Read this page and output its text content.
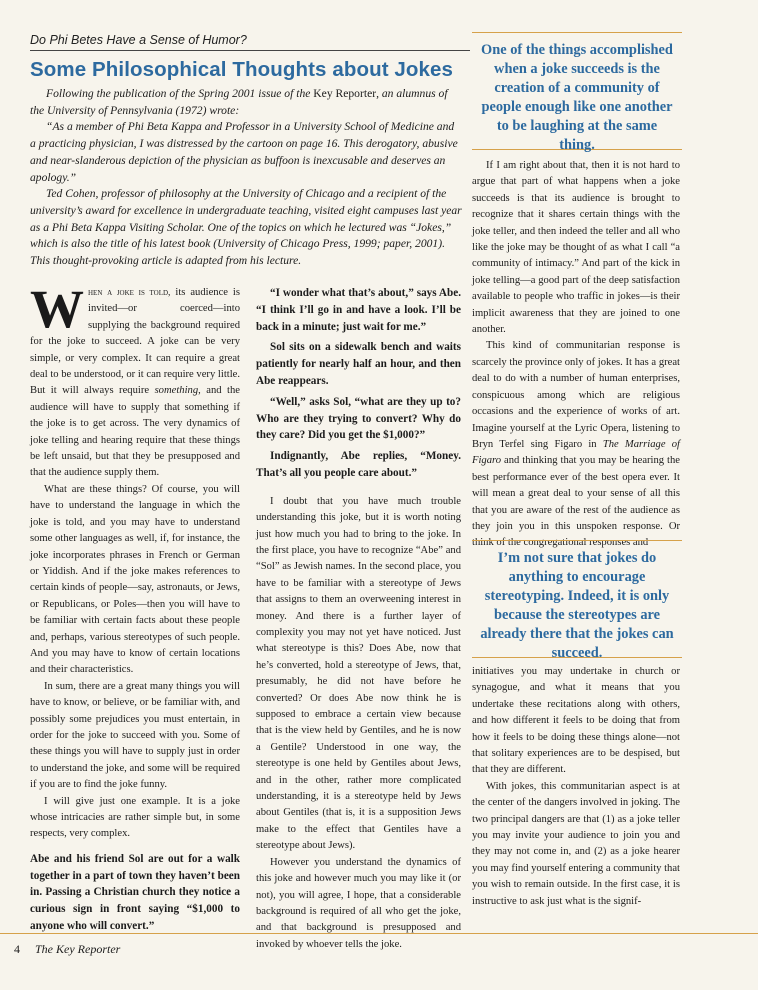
Do Phi Betes Have a Sense of Humor?
Some Philosophical Thoughts about Jokes

Following the publication of the Spring 2001 issue of the Key Reporter, an alumnus of the University of Pennsylvania (1972) wrote:

“As a member of Phi Beta Kappa and Professor in a University School of Medicine and a practicing physician, I was distressed by the cartoon on page 16. This derogatory, abusive and near-slanderous depiction of the physician as buffoon is inexcusable and deserves an apology.”

Ted Cohen, professor of philosophy at the University of Chicago and a recipient of the university’s award for excellence in undergraduate teaching, visited eight campuses last year as a Phi Beta Kappa Visiting Scholar. One of the topics on which he lectured was “Jokes,” which is also the title of his latest book (University of Chicago Press, 1999; paper, 2001). This thought-provoking article is adapted from his lecture.

When a joke is told, its audience is invited—or coerced—into supplying the background required for the joke to succeed. A joke can be very simple, or very complex. It can require a great deal to be understood, or it can require very little. But it will always require something, and the audience will have to supply that something if the joke is to get across. The very dynamics of joke telling and hearing require that these things be left unsaid, but that they be presupposed and that the audience supply them.

What are these things? Of course, you will have to understand the language in which the joke is told, and you may have to understand some other languages as well, if, for instance, the joke incorporates phrases in French or German or Yiddish. And if the joke makes references to certain kinds of people—say, astronauts, or Jews, or Republicans, or Poles—then you will have to be familiar with certain facts about these people and, perhaps, various stereotypes of such people. And you may have to know of certain locations and their characteristics.

In sum, there are a great many things you will have to know, or believe, or be familiar with, and possibly some prejudices you must entertain, in order for the joke to succeed with you. Some of these things you will have to supply just in order to understand the joke, and some will be required if you are to find the joke funny.

I will give just one example. It is a joke whose intricacies are rather simple but, in some respects, very complex.

Abe and his friend Sol are out for a walk together in a part of town they haven’t been in. Passing a Christian church they notice a curious sign in front saying “$1,000 to anyone who will convert.”

“I wonder what that’s about,” says Abe. “I think I’ll go in and have a look. I’ll be back in a minute; just wait for me.”

Sol sits on a sidewalk bench and waits patiently for nearly half an hour, and then Abe reappears.

“Well,” asks Sol, “what are they up to? Who are they trying to convert? Why do they care? Did you get the $1,000?”

Indignantly, Abe replies, “Money. That’s all you people care about.”

I doubt that you have much trouble understanding this joke, but it is worth noting just how much you had to bring to the joke. In the first place, you have to recognize “Abe” and “Sol” as Jewish names. In the second place, you have to be familiar with a stereotype of Jews that assigns to them an overweening interest in money. And there is a further layer of complexity you may not yet have noticed. Just what stereotype is this? Does Abe, now that he’s converted, hold a stereotype of Jews, that, presumably, he did not have before he converted? Or does Abe now think he is supposed to embrace a certain view because that is the view held by Gentiles, and he is now a Gentile? Understood in one way, the stereotype is one held by Gentiles about Jews, and in the other, rather more complicated understanding, it is a stereotype held by Jews about Gentiles (that is, it is a supposition Jews make to the effect that Gentiles have a stereotype about Jews).

However you understand the dynamics of this joke and however much you may like it (or not), you will agree, I hope, that a considerable background is required of all who get the joke, and that background is presupposed and invoked by whoever tells the joke.

One of the things accomplished when a joke succeeds is the creation of a community of people enough like one another to be laughing at the same thing.

If I am right about that, then it is not hard to argue that part of what happens when a joke succeeds is that its audience is brought to recognize that it shares certain things with the joke teller, and then indeed the teller and all who like the joke may be thought of as what I call “a community of intimacy.” And part of the kick in joke telling—a good part of the deep satisfaction available to people who traffic in jokes—is their implicit awareness that they are joined to one another.

This kind of communitarian response is scarcely the province only of jokes. It has a great deal to do with a number of human enterprises, conspicuous among which are religious occasions and the experience of works of art. Imagine yourself at the Lyric Opera, listening to Bryn Terfel sing Figaro in The Marriage of Figaro and thinking that you may be hearing the best performance ever of the best opera ever. It will mean a great deal to your sense of all this that you are aware of the rest of the audience as they join you in this unspoken response. Or think of the congregational responses and

I’m not sure that jokes do anything to encourage stereotyping. Indeed, it is only because the stereotypes are already there that the jokes can succeed.

initiatives you may undertake in church or synagogue, and what it means that you undertake these recitations along with others, and how different it feels to be doing that from how it feels to be doing these things alone—not that solitary experiences are to be despised, but that they are different.

With jokes, this communitarian aspect is at the center of the dangers involved in joking. The two principal dangers are that (1) as a joke teller you may invite your audience to join you and they may not come in, and (2) as a joke hearer you may find yourself entering a community that you wish to remain outside. In the first case, it is instructive to ask just what is the signif-

4 The Key Reporter
